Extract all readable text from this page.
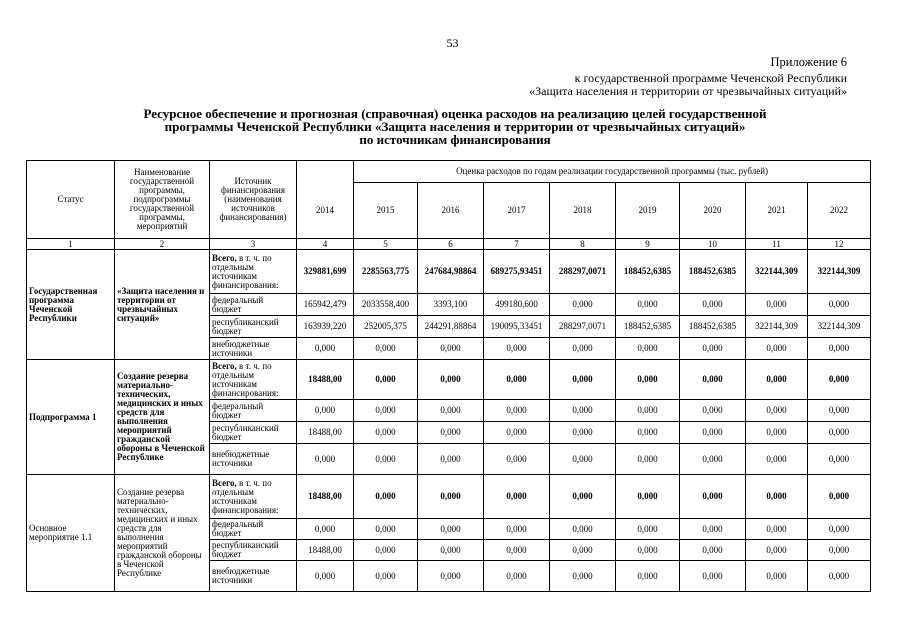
53
Приложение 6
к государственной программе Чеченской Республики
«Защита населения и территории от чрезвычайных ситуаций»
Ресурсное обеспечение и прогнозная (справочная) оценка расходов на реализацию целей государственной
программы Чеченской Республики «Защита населения и территории от чрезвычайных ситуаций»
по источникам финансирования
Статус	Наименование государственной программы, подпрограммы государственной программы, мероприятий	Источник финансирования (наименования источников финансирования)		Оценка расходов по годам реализации государственной программы (тыс. рублей)							
			2014	2015	2016	2017	2018	2019	2020	2021	2022
1	2	3	4	5	6	7	8	9	10	11	12
Государственная программа Чеченской Республики	«Защита населения и территории от чрезвычайных ситуаций»	Всего, в т. ч. по отдельным источникам финансирования:	329881,699	2285563,775	247684,98864	689275,93451	288297,0071	188452,6385	188452,6385	322144,309	322144,309
		федеральный бюджет	165942,479	2033558,400	3393,100	499180,600	0,000	0,000	0,000	0,000	0,000
		республиканский бюджет	163939,220	252005,375	244291,88864	190095,33451	288297,0071	188452,6385	188452,6385	322144,309	322144,309
		внебюджетные источники	0,000	0,000	0,000	0,000	0,000	0,000	0,000	0,000	0,000
Подпрограмма 1	Создание резерва материально-технических, медицинских и иных средств для выполнения мероприятий гражданской обороны в Чеченской Республике	Всего, в т. ч. по отдельным источникам финансирования:	18488,00	0,000	0,000	0,000	0,000	0,000	0,000	0,000	0,000
		федеральный бюджет	0,000	0,000	0,000	0,000	0,000	0,000	0,000	0,000	0,000
		республиканский бюджет	18488,00	0,000	0,000	0,000	0,000	0,000	0,000	0,000	0,000
		внебюджетные источники	0,000	0,000	0,000	0,000	0,000	0,000	0,000	0,000	0,000
Основное мероприятие 1.1	Создание резерва материально-технических, медицинских и иных средств для выполнения мероприятий гражданской обороны в Чеченской Республике	Всего, в т. ч. по отдельным источникам финансирования:	18488,00	0,000	0,000	0,000	0,000	0,000	0,000	0,000	0,000
		федеральный бюджет	0,000	0,000	0,000	0,000	0,000	0,000	0,000	0,000	0,000
		республиканский бюджет	18488,00	0,000	0,000	0,000	0,000	0,000	0,000	0,000	0,000
		внебюджетные источники	0,000	0,000	0,000	0,000	0,000	0,000	0,000	0,000	0,000
